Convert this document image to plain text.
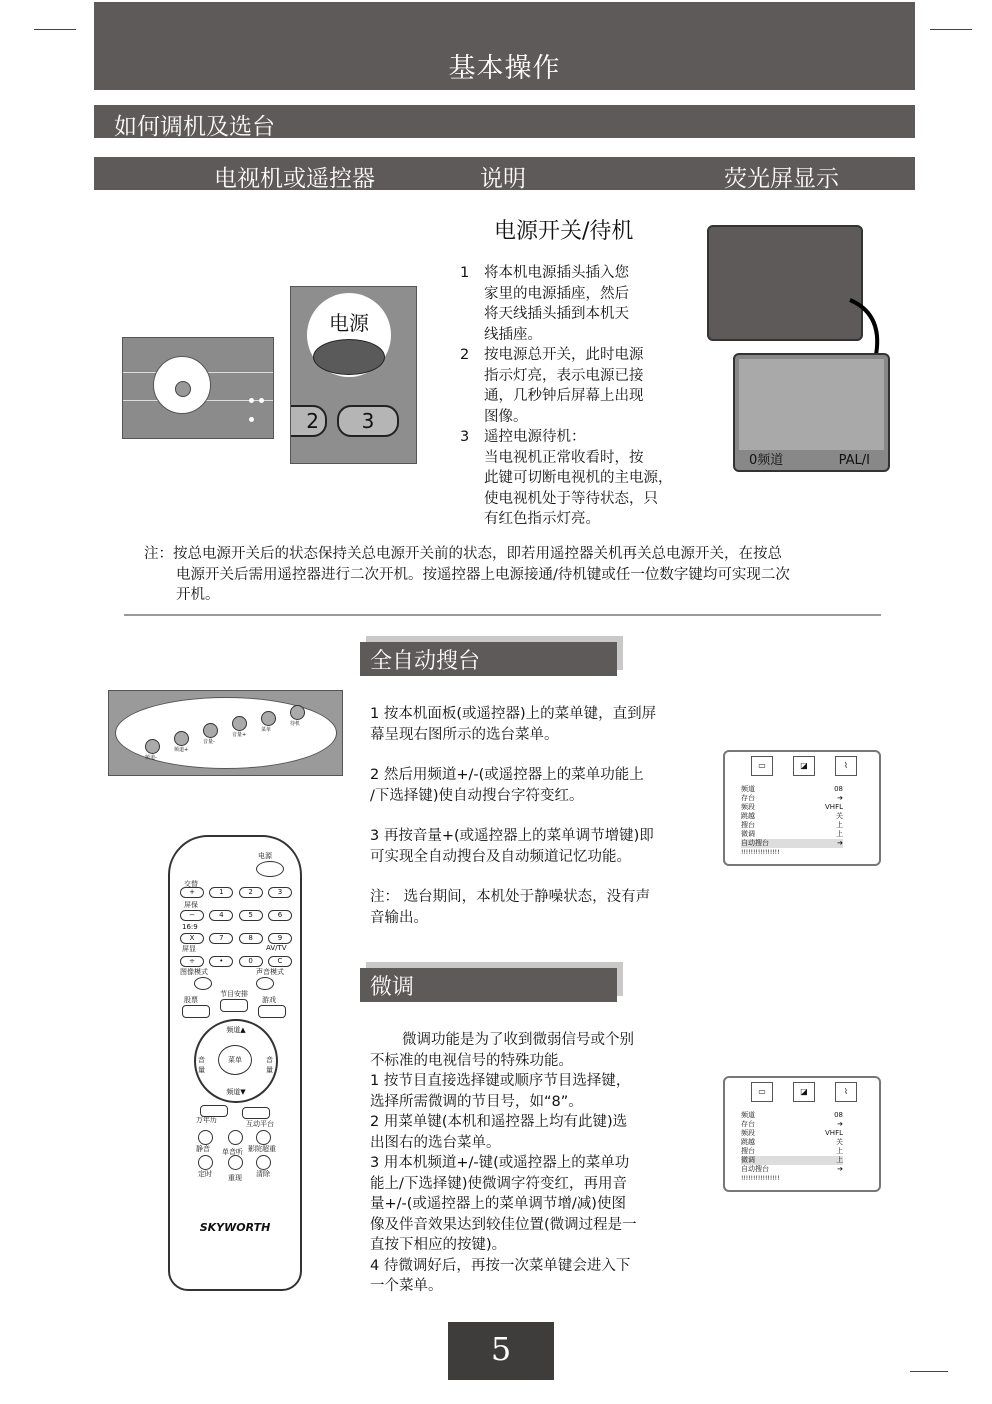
基本操作
如何调机及选台
电视机或遥控器	说明	荧光屏显示

电源
2	3
电源开关/待机
1	将本机电源插头插入您
家里的电源插座，然后
将天线插头插到本机天
线插座。
2	按电源总开关，此时电源
指示灯亮，表示电源已接
通，几秒钟后屏幕上出现
图像。
3	遥控电源待机：
当电视机正常收看时，按
此键可切断电视机的主电源，
使电视机处于等待状态，只
有红色指示灯亮。
0频道	PAL/I
注：按总电源开关后的状态保持关总电源开关前的状态，即若用遥控器关机再关总电源开关，在按总
电源开关后需用遥控器进行二次开机。按遥控器上电源接通/待机键或任一位数字键均可实现二次
开机。
全自动搜台
频道-
频道+
音量-
音量+
菜单
待机
1 按本机面板(或遥控器)上的菜单键，直到屏
幕呈现右图所示的选台菜单。
2 然后用频道+/-(或遥控器上的菜单功能上
/下选择键)使自动搜台字符变红。
3 再按音量+(或遥控器上的菜单调节增键)即
可实现全自动搜台及自动频道记忆功能。
注： 选台期间，本机处于静噪状态，没有声
音输出。
▭	◪	⌇
频道	08
存台	➔
频段	VHFL
跳越	关
搜台	上
微调	上
自动搜台	➔
!!!!!!!!!!!!!!!!
电源
交替
+	1	2	3
−	4	5	6
X	7	8	9
÷	•	0	C
屏保
16:9
屏显	AV/TV
图像模式	声音模式
节目安排
股票	游戏
频道▲
频道▼
音量
音量
菜单
万年历	互动平台
静音 单音听 影院超重
定时 重现 清除
SKYWORTH
微调
微调功能是为了收到微弱信号或个别
不标准的电视信号的特殊功能。
1 按节目直接选择键或顺序节目选择键，
选择所需微调的节目号，如“8”。
2 用菜单键(本机和遥控器上均有此键)选
出图右的选台菜单。
3 用本机频道+/-键(或遥控器上的菜单功
能上/下选择键)使微调字符变红，再用音
量+/-(或遥控器上的菜单调节增/减)使图
像及伴音效果达到较佳位置(微调过程是一
直按下相应的按键)。
4 待微调好后，再按一次菜单键会进入下
一个菜单。
▭	◪	⌇
频道	08
存台	➔
频段	VHFL
跳越	关
搜台	上
微调	上
自动搜台	➔
!!!!!!!!!!!!!!!!
5
